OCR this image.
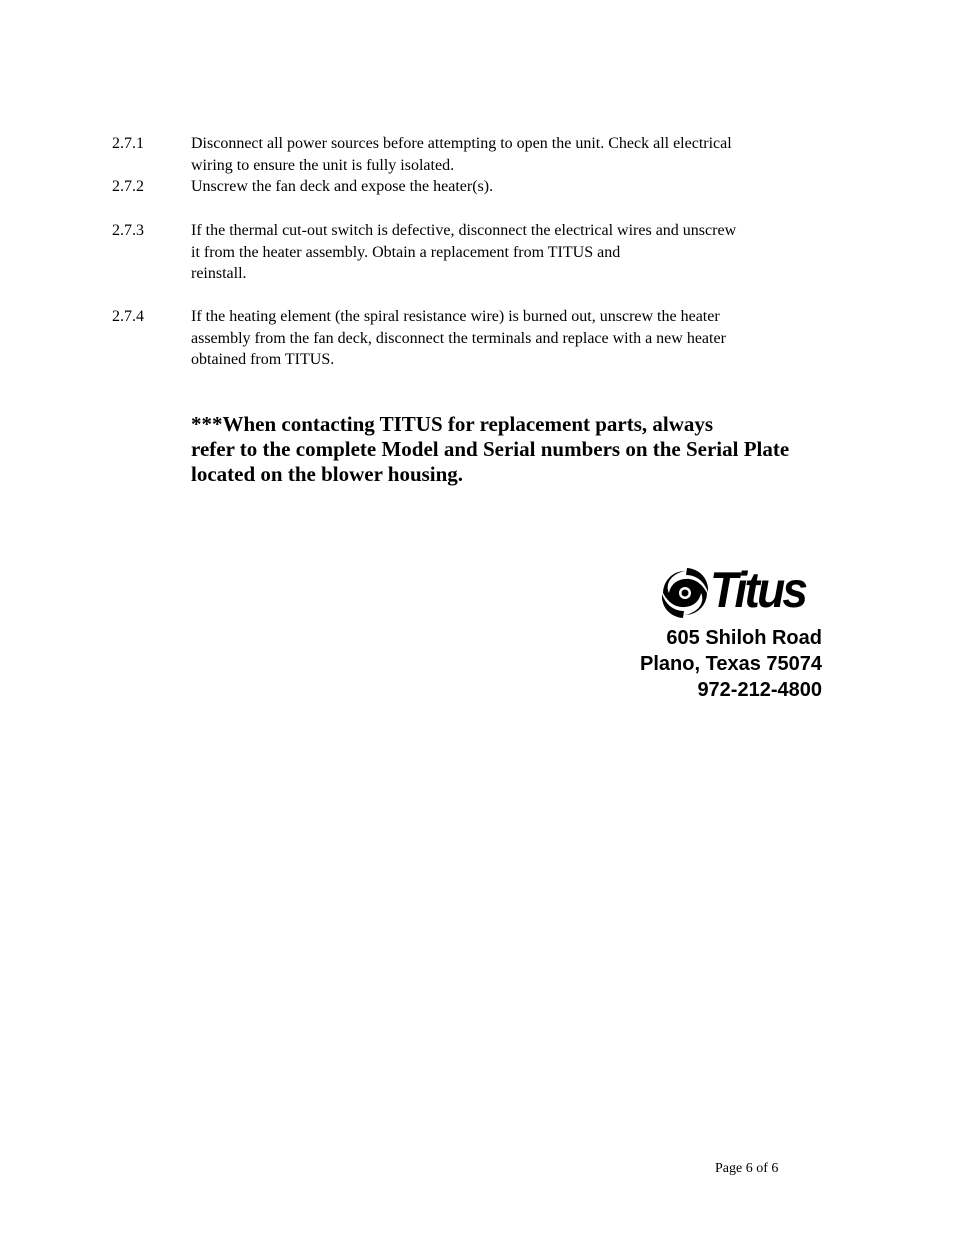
2.7.1	Disconnect all power sources before attempting to open the unit. Check all electrical
wiring to ensure the unit is fully isolated.
2.7.2	Unscrew the fan deck and expose the heater(s).
2.7.3	If the thermal cut-out switch is defective, disconnect the electrical wires and unscrew
it from the heater assembly. Obtain a replacement from TITUS and
reinstall.
2.7.4	If the heating element (the spiral resistance wire) is burned out, unscrew the heater
assembly from the fan deck, disconnect the terminals and replace with a new heater
obtained from TITUS.
***When contacting TITUS for replacement parts, always
refer to the complete Model and Serial numbers on the Serial Plate
located on the blower housing.
Titus
605 Shiloh Road
Plano, Texas 75074
972-212-4800
Page 6 of 6
